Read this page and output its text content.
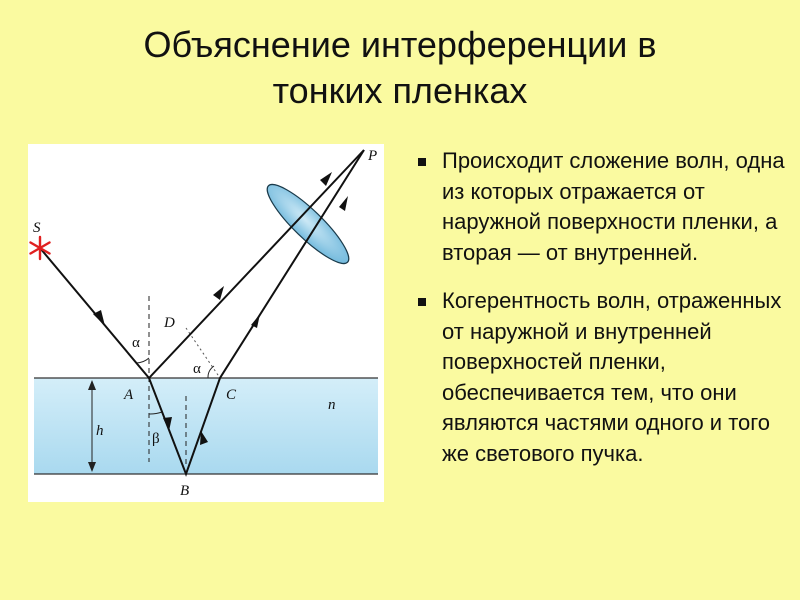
Объяснение интерференции в
тонких пленках
S
P
D
A	C
B
n
h
α
α
β
Происходит сложение волн, одна из которых отражается от наружной поверхности пленки, а вторая — от внутренней.
Когерентность волн, отраженных от наружной и внутренней поверхностей пленки, обеспечивается тем, что они являются частями одного и того же светового пучка.
